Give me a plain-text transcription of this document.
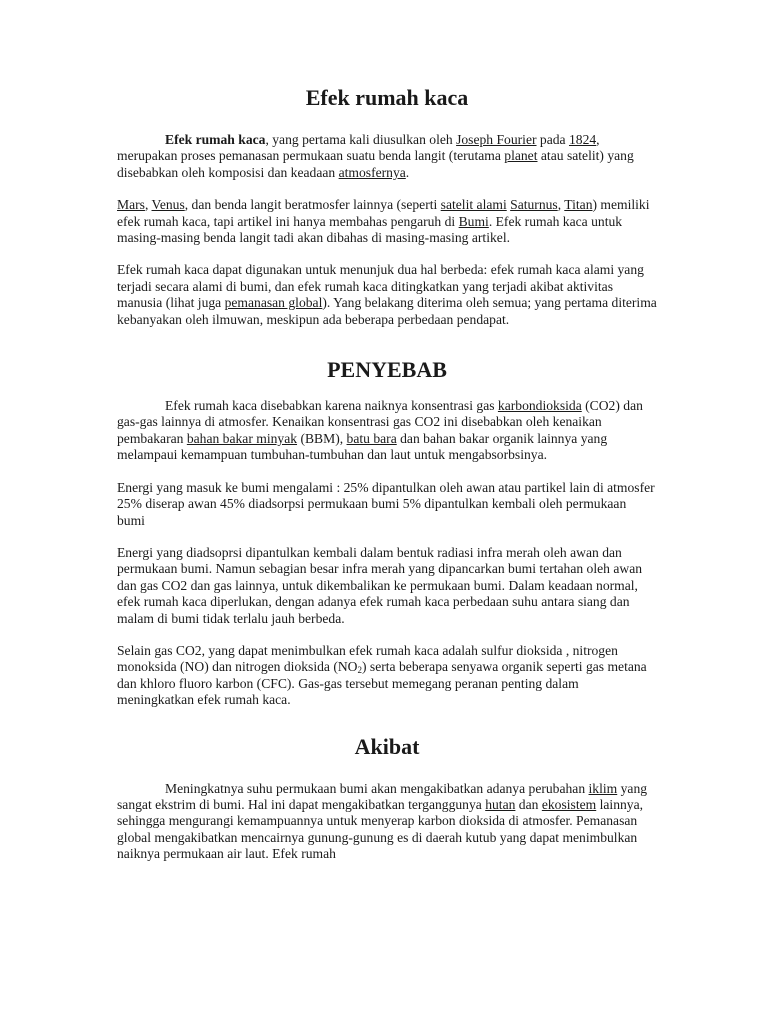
Efek rumah kaca

Efek rumah kaca, yang pertama kali diusulkan oleh Joseph Fourier pada 1824, merupakan proses pemanasan permukaan suatu benda langit (terutama planet atau satelit) yang disebabkan oleh komposisi dan keadaan atmosfernya.

Mars, Venus, dan benda langit beratmosfer lainnya (seperti satelit alami Saturnus, Titan) memiliki efek rumah kaca, tapi artikel ini hanya membahas pengaruh di Bumi. Efek rumah kaca untuk masing-masing benda langit tadi akan dibahas di masing-masing artikel.

Efek rumah kaca dapat digunakan untuk menunjuk dua hal berbeda: efek rumah kaca alami yang terjadi secara alami di bumi, dan efek rumah kaca ditingkatkan yang terjadi akibat aktivitas manusia (lihat juga pemanasan global). Yang belakang diterima oleh semua; yang pertama diterima kebanyakan oleh ilmuwan, meskipun ada beberapa perbedaan pendapat.

PENYEBAB

Efek rumah kaca disebabkan karena naiknya konsentrasi gas karbondioksida (CO2) dan gas-gas lainnya di atmosfer. Kenaikan konsentrasi gas CO2 ini disebabkan oleh kenaikan pembakaran bahan bakar minyak (BBM), batu bara dan bahan bakar organik lainnya yang melampaui kemampuan tumbuhan-tumbuhan dan laut untuk mengabsorbsinya.

Energi yang masuk ke bumi mengalami : 25% dipantulkan oleh awan atau partikel lain di atmosfer 25% diserap awan 45% diadsorpsi permukaan bumi 5% dipantulkan kembali oleh permukaan bumi

Energi yang diadsoprsi dipantulkan kembali dalam bentuk radiasi infra merah oleh awan dan permukaan bumi. Namun sebagian besar infra merah yang dipancarkan bumi tertahan oleh awan dan gas CO2 dan gas lainnya, untuk dikembalikan ke permukaan bumi. Dalam keadaan normal, efek rumah kaca diperlukan, dengan adanya efek rumah kaca perbedaan suhu antara siang dan malam di bumi tidak terlalu jauh berbeda.

Selain gas CO2, yang dapat menimbulkan efek rumah kaca adalah sulfur dioksida , nitrogen monoksida (NO) dan nitrogen dioksida $(NO_2)$ serta beberapa senyawa organik seperti gas metana dan khloro fluoro karbon (CFC). Gas-gas tersebut memegang peranan penting dalam meningkatkan efek rumah kaca.

Akibat

Meningkatnya suhu permukaan bumi akan mengakibatkan adanya perubahan iklim yang sangat ekstrim di bumi. Hal ini dapat mengakibatkan terganggunya hutan dan ekosistem lainnya, sehingga mengurangi kemampuannya untuk menyerap karbon dioksida di atmosfer. Pemanasan global mengakibatkan mencairnya gunung-gunung es di daerah kutub yang dapat menimbulkan naiknya permukaan air laut. Efek rumah
